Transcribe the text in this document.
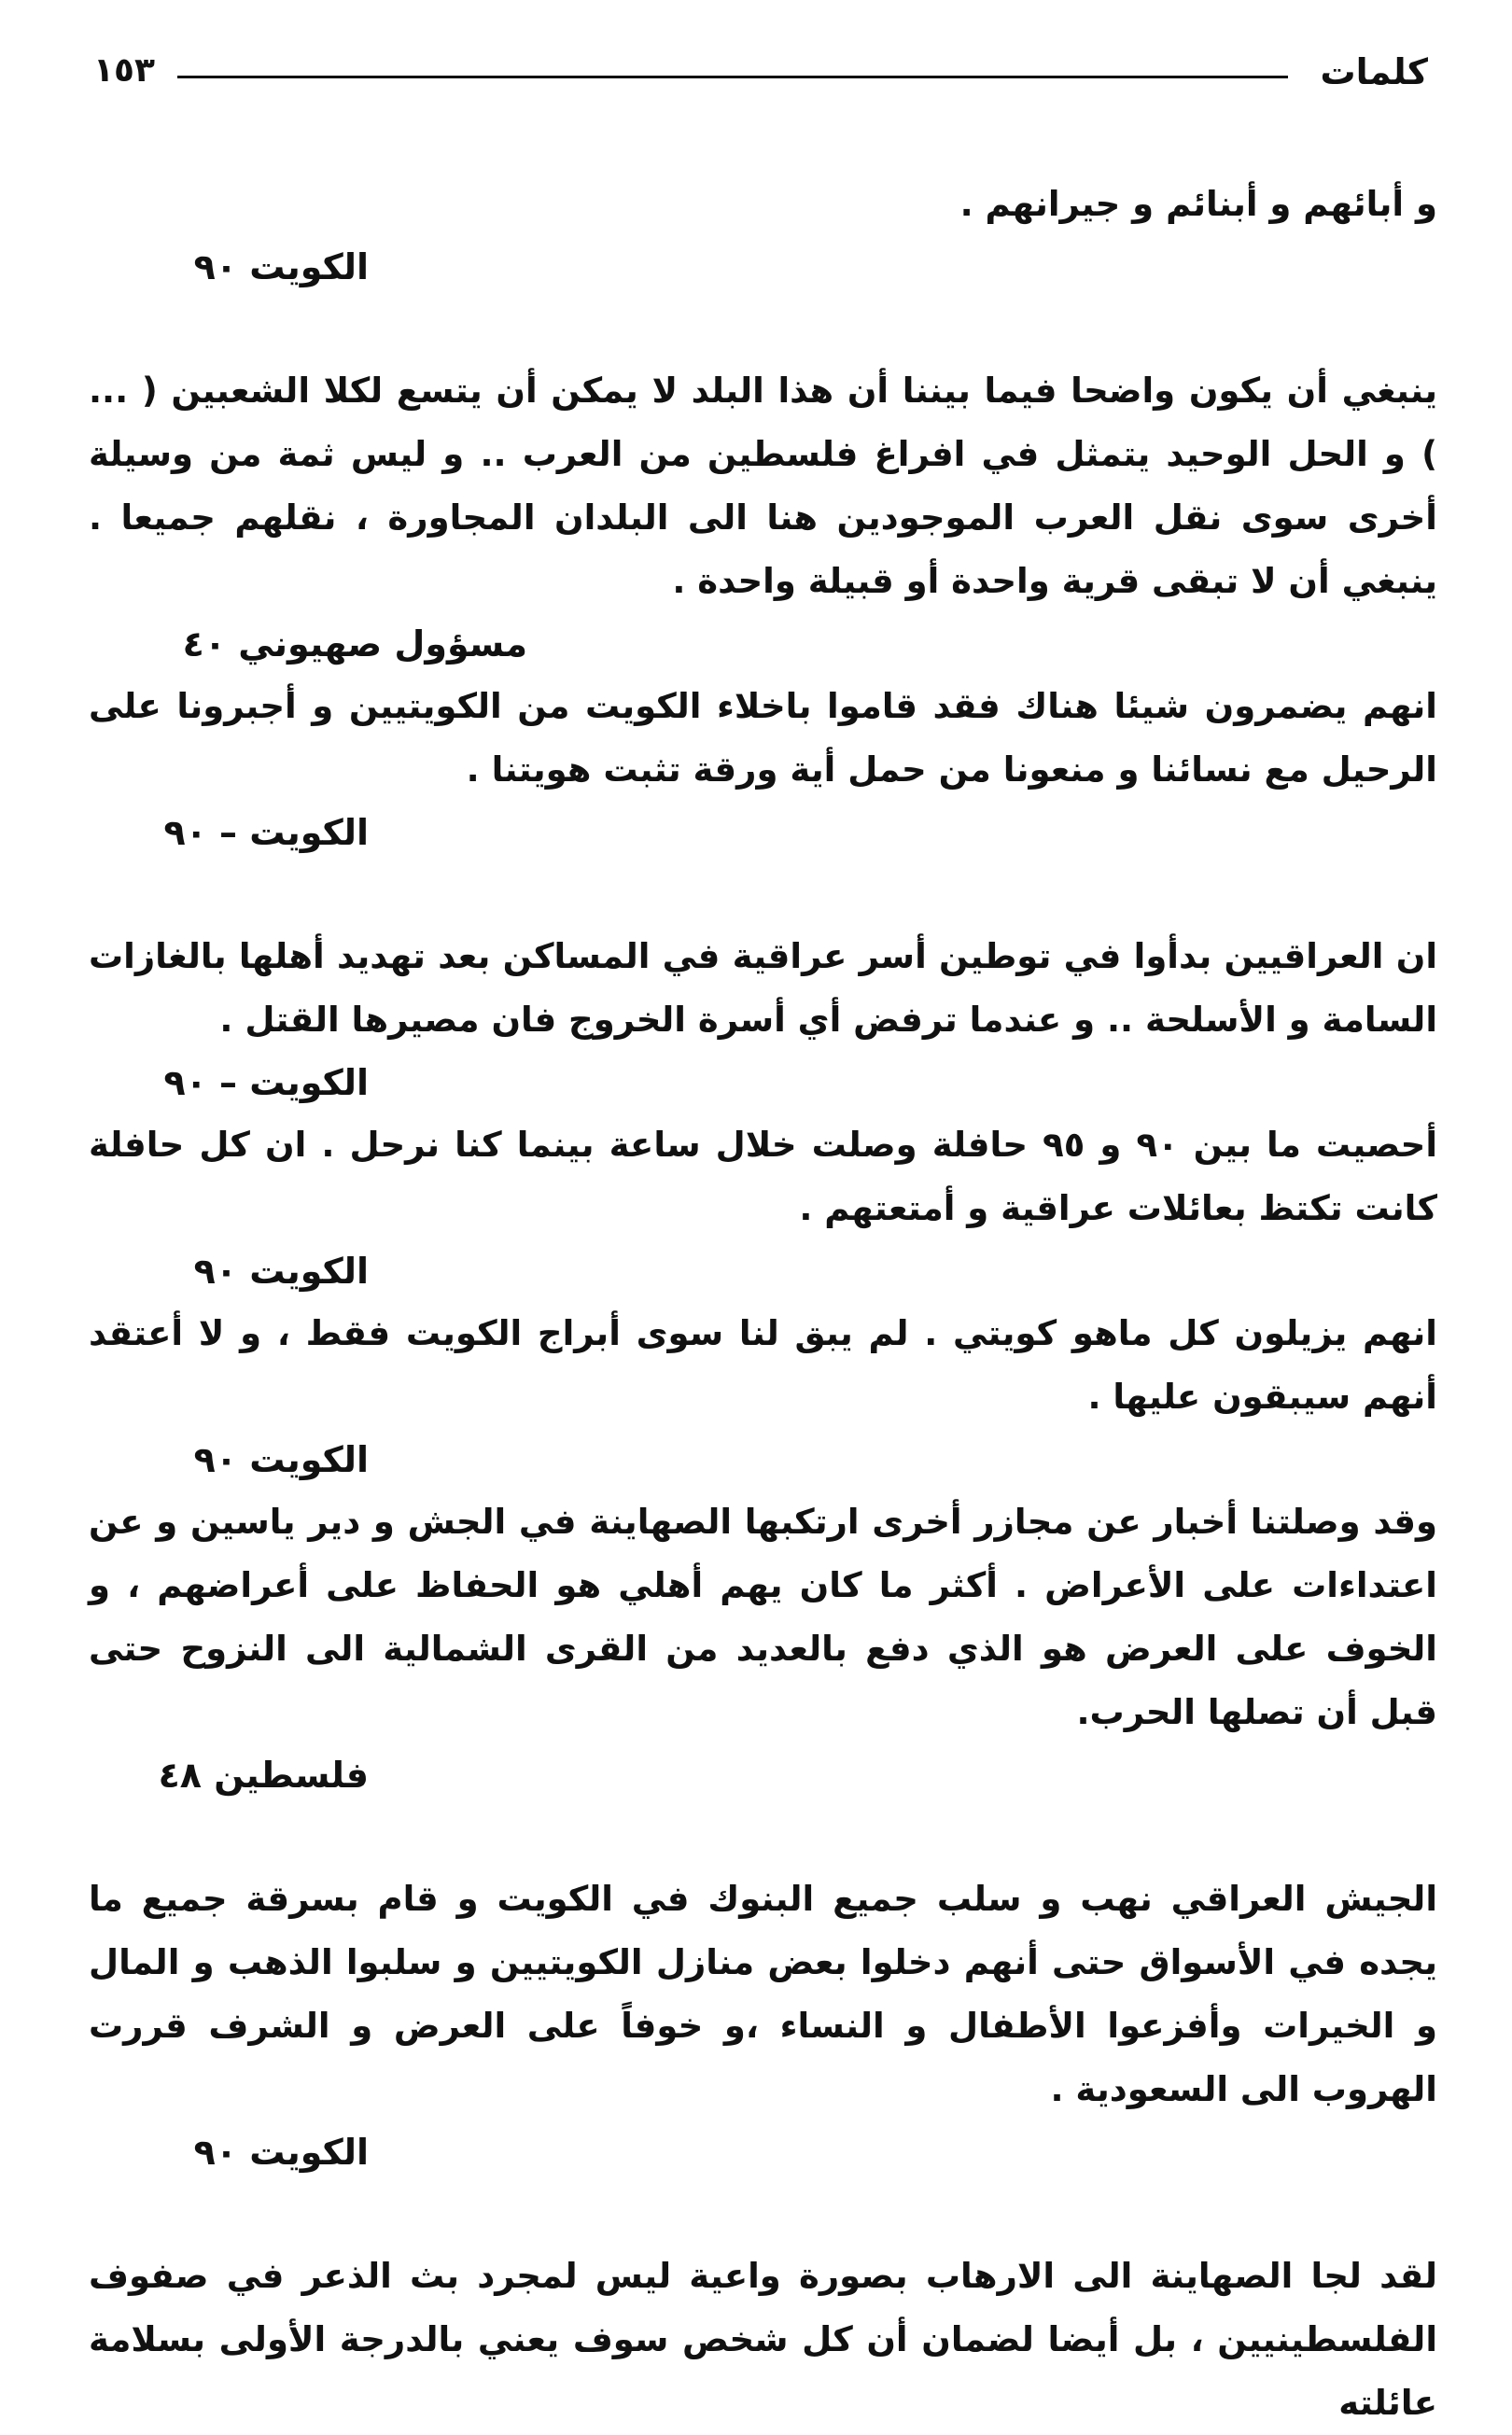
كلمات
١٥٣

و أبائهم و أبنائم و جيرانهم .

الكويت ٩٠

ينبغي أن يكون واضحا فيما بيننا أن هذا البلد لا يمكن أن يتسع لكلا الشعبين ( ... ) و الحل الوحيد يتمثل في افراغ فلسطين من العرب .. و ليس ثمة من وسيلة أخرى سوى نقل العرب الموجودين هنا الى البلدان المجاورة ، نقلهم جميعا . ينبغي أن لا تبقى قرية واحدة أو قبيلة واحدة .

مسؤول صهيوني ٤٠

انهم يضمرون شيئا هناك فقد قاموا باخلاء الكويت من الكويتيين و أجبرونا على الرحيل مع نسائنا و منعونا من حمل أية ورقة تثبت هويتنا .

الكويت – ٩٠

ان العراقيين بدأوا في توطين أسر عراقية في المساكن بعد تهديد أهلها بالغازات السامة و الأسلحة .. و عندما ترفض أي أسرة الخروج فان مصيرها القتل .

الكويت – ٩٠

أحصيت ما بين ٩٠ و ٩٥ حافلة وصلت خلال ساعة بينما كنا نرحل . ان كل حافلة كانت تكتظ بعائلات عراقية و أمتعتهم .

الكويت ٩٠

انهم يزيلون كل ماهو كويتي . لم يبق لنا سوى أبراج الكويت فقط ، و لا أعتقد أنهم سيبقون عليها .

الكويت ٩٠

وقد وصلتنا أخبار عن مجازر أخرى ارتكبها الصهاينة في الجش و دير ياسين و عن اعتداءات على الأعراض . أكثر ما كان يهم أهلي هو الحفاظ على أعراضهم ، و الخوف على العرض هو الذي دفع بالعديد من القرى الشمالية الى النزوح حتى قبل أن تصلها الحرب.

فلسطين ٤٨

الجيش العراقي نهب و سلب جميع البنوك في الكويت و قام بسرقة جميع ما يجده في الأسواق حتى أنهم دخلوا بعض منازل الكويتيين و سلبوا الذهب و المال و الخيرات وأفزعوا الأطفال و النساء ،و خوفاً على العرض و الشرف قررت الهروب الى السعودية .

الكويت ٩٠

لقد لجا الصهاينة الى الارهاب بصورة واعية ليس لمجرد بث الذعر في صفوف الفلسطينيين ، بل أيضا لضمان أن كل شخص سوف يعني بالدرجة الأولى بسلامة عائلته
